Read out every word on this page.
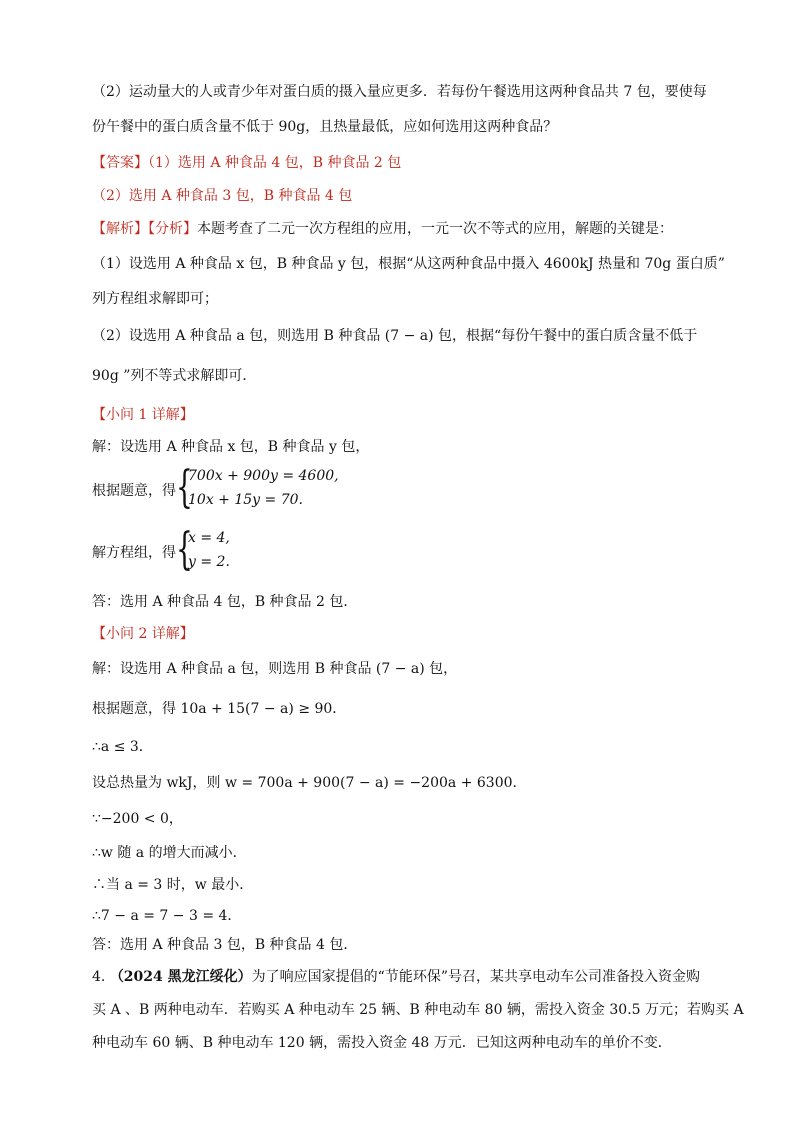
（2）运动量大的人或青少年对蛋白质的摄入量应更多．若每份午餐选用这两种食品共 7 包，要使每
份午餐中的蛋白质含量不低于 90g，且热量最低，应如何选用这两种食品？
【答案】（1）选用 A 种食品 4 包，B 种食品 2 包
（2）选用 A 种食品 3 包，B 种食品 4 包
【解析】【分析】本题考查了二元一次方程组的应用，一元一次不等式的应用，解题的关键是：
（1）设选用 A 种食品 x 包，B 种食品 y 包，根据“从这两种食品中摄入 4600kJ 热量和 70g 蛋白质”
列方程组求解即可；
（2）设选用 A 种食品 a 包，则选用 B 种食品 (7 − a) 包，根据“每份午餐中的蛋白质含量不低于
90g ”列不等式求解即可．
【小问 1 详解】
解：设选用 A 种食品 x 包，B 种食品 y 包，
根据题意，得 {
700x + 900y = 4600,
10x + 15y = 70.
解方程组，得 {
x = 4,
y = 2.
答：选用 A 种食品 4 包，B 种食品 2 包．
【小问 2 详解】
解：设选用 A 种食品 a 包，则选用 B 种食品 (7 − a) 包，
根据题意，得 10a + 15(7 − a) ≥ 90．
∴a ≤ 3．
设总热量为 wkJ，则 w = 700a + 900(7 − a) = −200a + 6300．
∵−200 < 0，
∴w 随 a 的增大而减小．
∴当 a = 3 时，w 最小．
∴7 − a = 7 − 3 = 4．
答：选用 A 种食品 3 包，B 种食品 4 包．
4. （2024 黑龙江绥化）为了响应国家提倡的“节能环保”号召，某共享电动车公司准备投入资金购
买 A 、B 两种电动车．若购买 A 种电动车 25 辆、B 种电动车 80 辆，需投入资金 30.5 万元；若购买 A
种电动车 60 辆、B 种电动车 120 辆，需投入资金 48 万元．已知这两种电动车的单价不变．
